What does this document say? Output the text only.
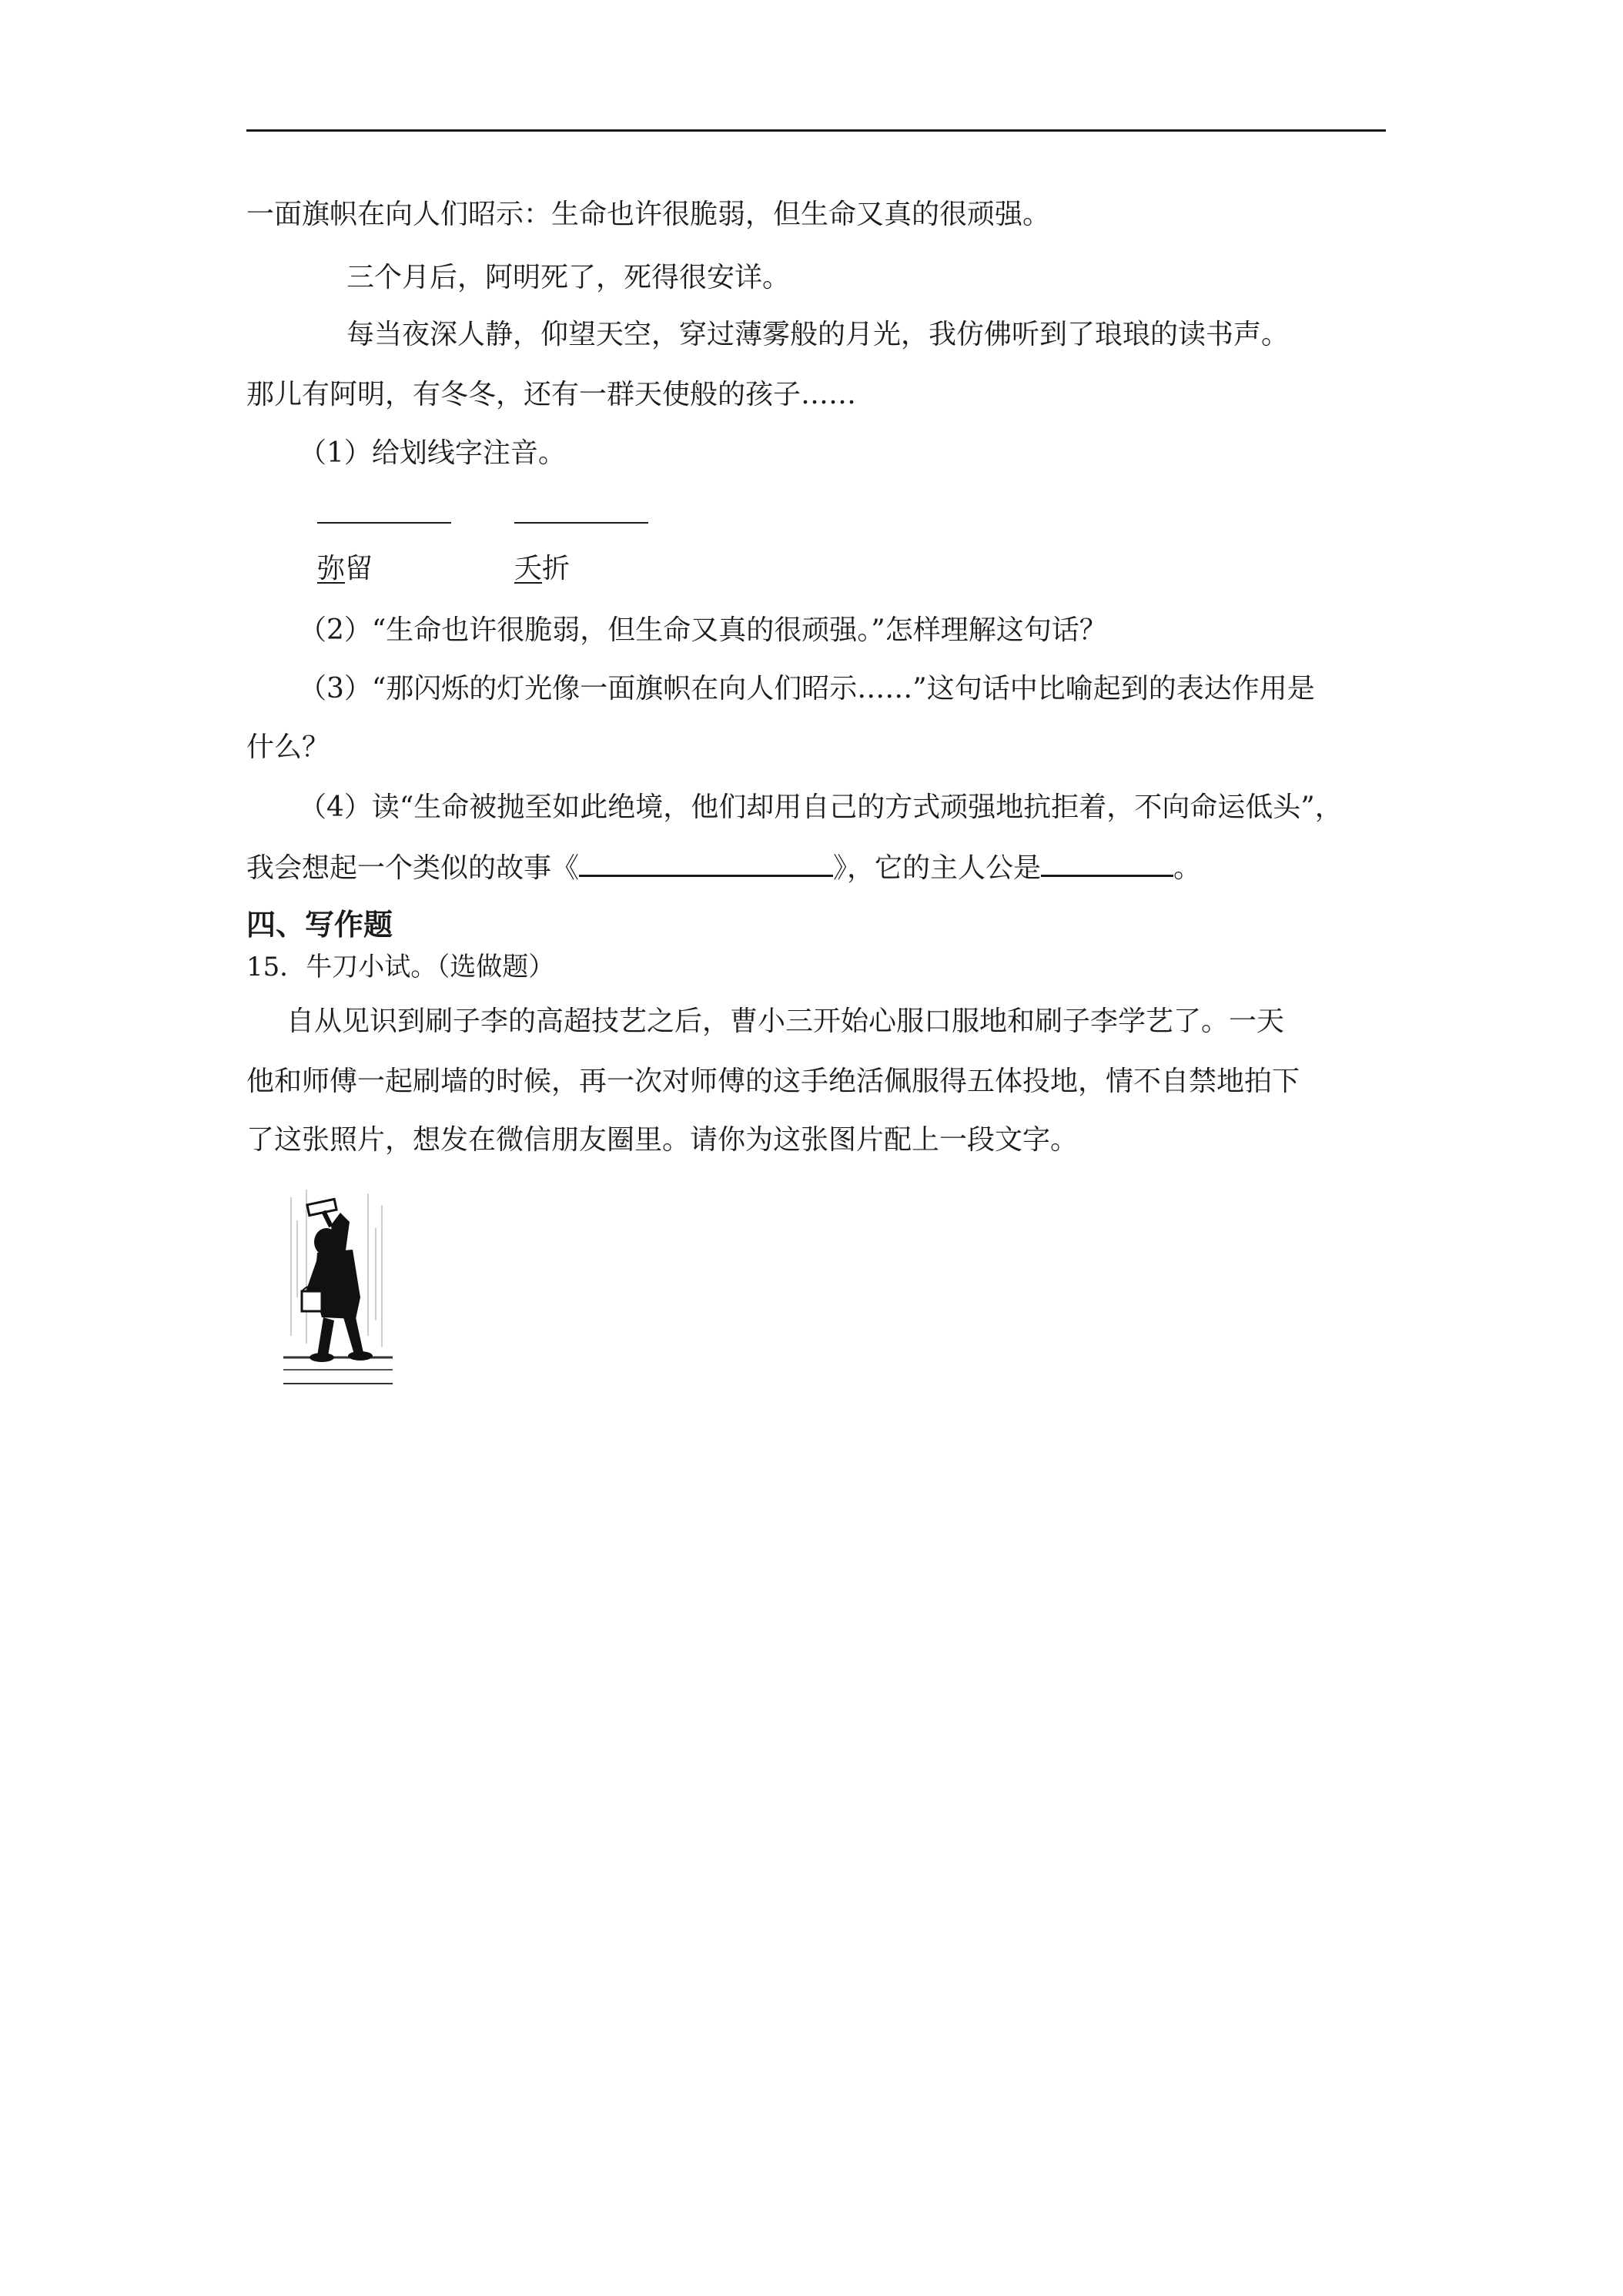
一面旗帜在向人们昭示：生命也许很脆弱，但生命又真的很顽强。
三个月后，阿明死了，死得很安详。
每当夜深人静，仰望天空，穿过薄雾般的月光，我仿佛听到了琅琅的读书声。
那儿有阿明，有冬冬，还有一群天使般的孩子……
（1）给划线字注音。
弥留	夭折
（2）“生命也许很脆弱，但生命又真的很顽强。”怎样理解这句话？
（3）“那闪烁的灯光像一面旗帜在向人们昭示……”这句话中比喻起到的表达作用是
什么？
（4）读“生命被抛至如此绝境，他们却用自己的方式顽强地抗拒着，不向命运低头”，
我会想起一个类似的故事《	》，它的主人公是	。
四、写作题
15．牛刀小试。（选做题）
自从见识到刷子李的高超技艺之后，曹小三开始心服口服地和刷子李学艺了。一天
他和师傅一起刷墙的时候，再一次对师傅的这手绝活佩服得五体投地，情不自禁地拍下
了这张照片，想发在微信朋友圈里。请你为这张图片配上一段文字。
